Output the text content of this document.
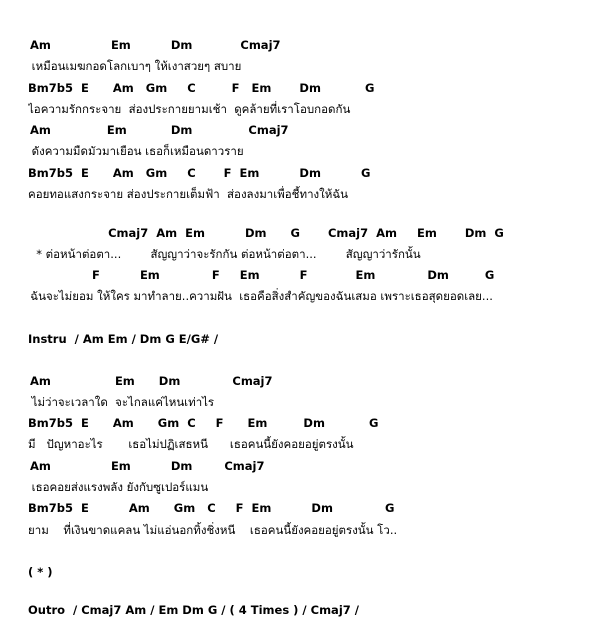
Am               Em          Dm            Cmaj7
เหมือนเมฆกอดโลกเบาๆ ให้เงาสวยๆ สบาย
Bm7b5  E      Am   Gm     C         F   Em       Dm           G
ไอความรักกระจาย  ส่องประกายยามเช้า  ดูคล้ายที่เราโอบกอดกัน
Am              Em           Dm              Cmaj7
ดังความมืดมัวมาเยือน เธอก็เหมือนดาวราย
Bm7b5  E      Am   Gm     C       F  Em          Dm          G
คอยทอแสงกระจาย ส่องประกายเต็มฟ้า  ส่องลงมาเพื่อชี้ทางให้ฉัน
Cmaj7  Am  Em          Dm      G       Cmaj7  Am     Em       Dm  G
* ต่อหน้าต่อตา...        สัญญาว่าจะรักกัน ต่อหน้าต่อตา...        สัญญาว่ารักนั้น
F          Em             F     Em          F            Em             Dm         G
ฉันจะไม่ยอม ให้ใคร มาทำลาย..ความฝัน  เธอคือสิ่งสำคัญของฉันเสมอ เพราะเธอสุดยอดเลย...
Instru  / Am Em / Dm G E/G# /
Am                Em      Dm             Cmaj7
ไม่ว่าจะเวลาใด  จะไกลแค่ไหนเท่าไร
Bm7b5  E      Am      Gm  C     F      Em         Dm           G
มี   ปัญหาอะไร       เธอไม่ปฏิเสธหนี      เธอคนนี้ยังคอยอยู่ตรงนั้น
Am               Em          Dm        Cmaj7
เธอคอยส่งแรงพลัง ยังกับซูเปอร์แมน
Bm7b5  E          Am      Gm   C     F  Em          Dm             G
ยาม    ที่เงินขาดแคลน ไม่แอ่นอกทิ้งชิ่งหนี    เธอคนนี้ยังคอยอยู่ตรงนั้น โว..
( * )
Outro  / Cmaj7 Am / Em Dm G / ( 4 Times ) / Cmaj7 /
